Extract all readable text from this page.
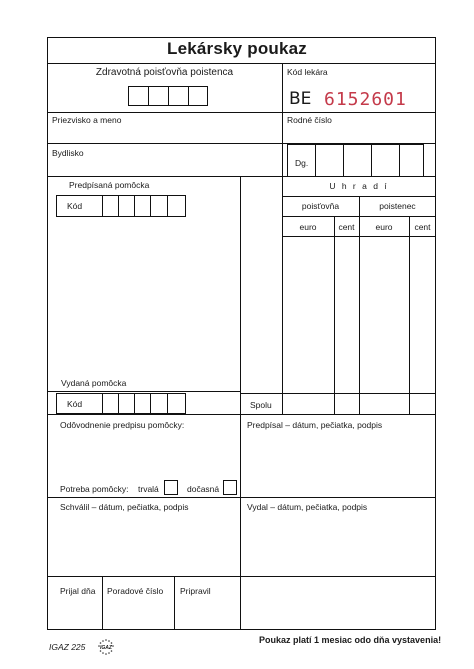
Lekársky poukaz
Zdravotná poisťovňa poistenca	Kód lekára
BE 6152601
Priezvisko a meno	Rodné číslo
Bydlisko
Dg.
Predpísaná pomôcka
Kód
U h r a d í
poisťovňa	poistenec
euro	cent	euro	cent
Vydaná pomôcka
Kód	Spolu
Odôvodnenie predpisu pomôcky:	Predpísal – dátum, pečiatka, podpis
Potreba pomôcky: trvalá	dočasná
Schválil – dátum, pečiatka, podpis	Vydal – dátum, pečiatka, podpis
Prijal dňa Poradové číslo Pripravil
IGAZ 225	IGAZ
Poukaz platí 1 mesiac odo dňa vystavenia!
